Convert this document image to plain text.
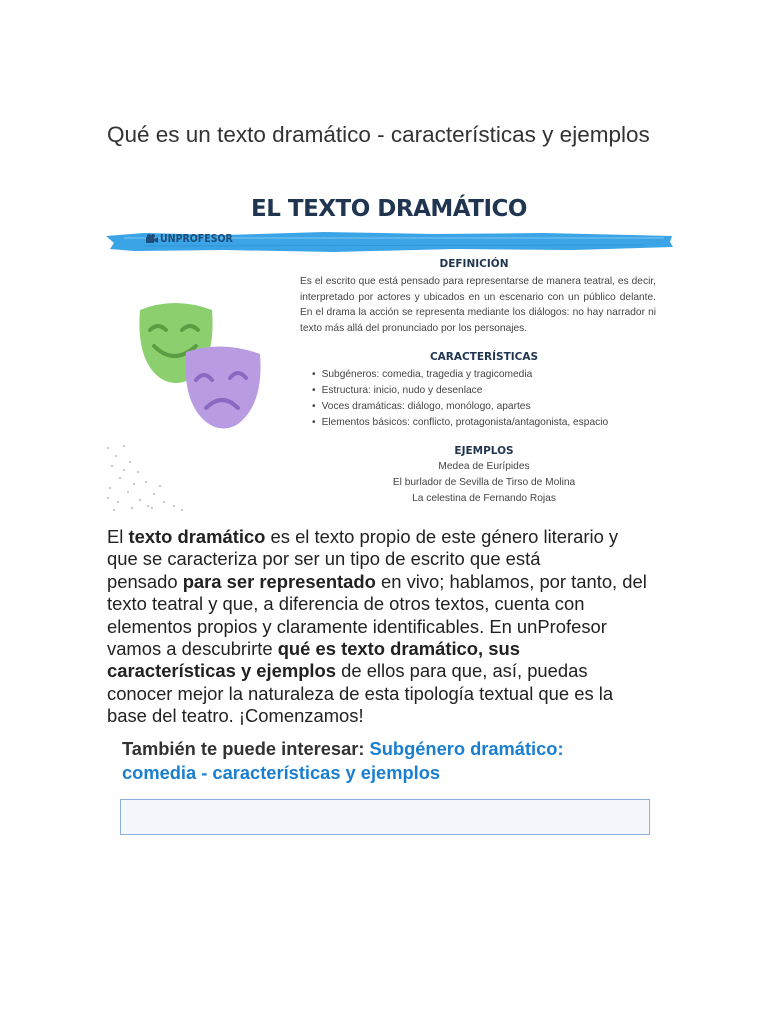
Qué es un texto dramático - características y ejemplos
EL TEXTO DRAMÁTICO
UNPROFESOR
DEFINICIÓN
Es el escrito que está pensado para representarse de manera teatral, es decir, interpretado por actores y ubicados en un escenario con un público delante. En el drama la acción se representa mediante los diálogos: no hay narrador ni texto más allá del pronunciado por los personajes.
CARACTERÍSTICAS
• Subgéneros: comedia, tragedia y tragicomedia
• Estructura: inicio, nudo y desenlace
• Voces dramáticas: diálogo, monólogo, apartes
• Elementos básicos: conflicto, protagonista/antagonista, espacio
EJEMPLOS
Medea de Eurípides
El burlador de Sevilla de Tirso de Molina
La celestina de Fernando Rojas
El texto dramático es el texto propio de este género literario y
que se caracteriza por ser un tipo de escrito que está
pensado para ser representado en vivo; hablamos, por tanto, del
texto teatral y que, a diferencia de otros textos, cuenta con
elementos propios y claramente identificables. En unProfesor
vamos a descubrirte qué es texto dramático, sus
características y ejemplos de ellos para que, así, puedas
conocer mejor la naturaleza de esta tipología textual que es la
base del teatro. ¡Comenzamos!
También te puede interesar: Subgénero dramático:
comedia - características y ejemplos
